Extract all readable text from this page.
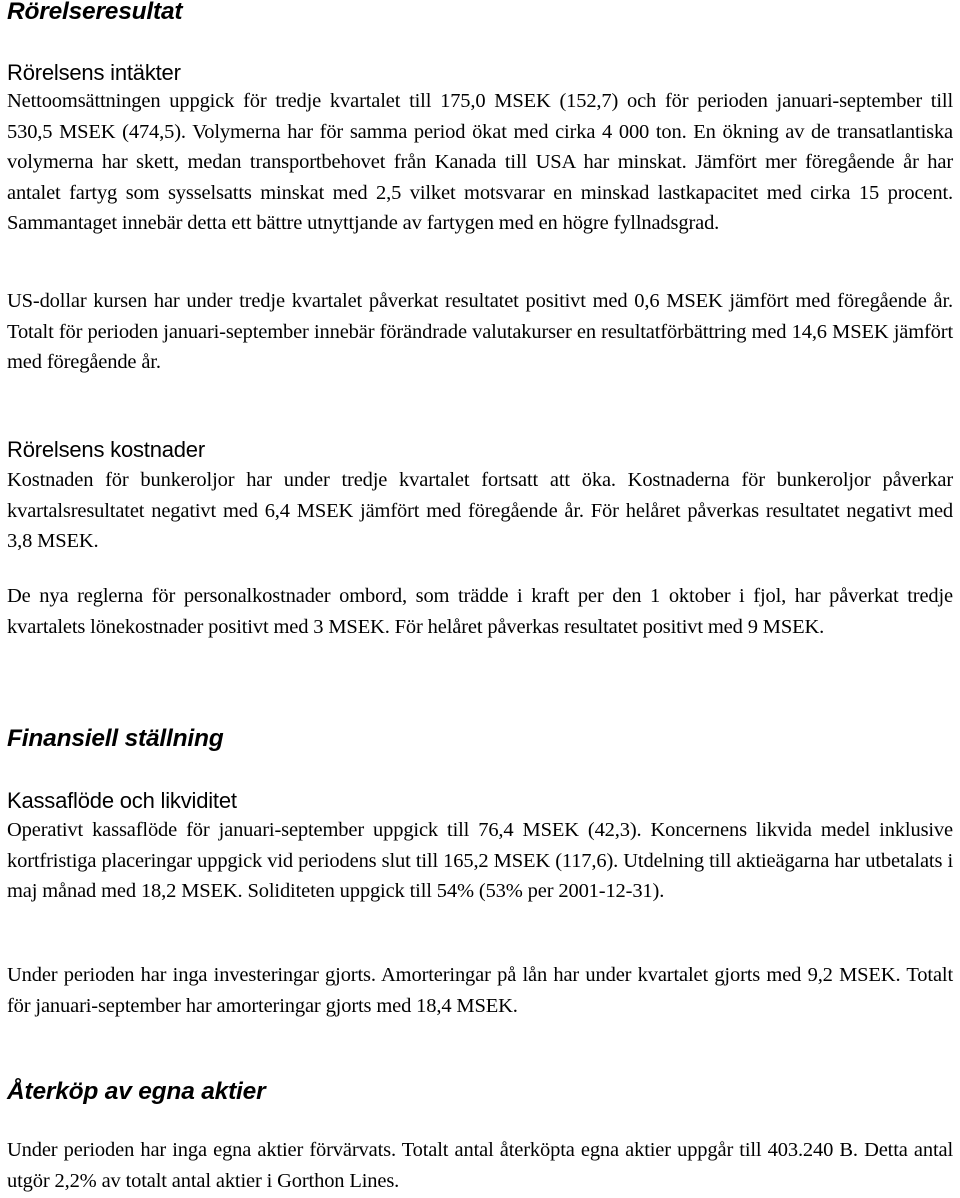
Rörelseresultat
Rörelsens intäkter

Nettoomsättningen uppgick för tredje kvartalet till 175,0 MSEK (152,7) och för perioden januari-september till 530,5 MSEK (474,5). Volymerna har för samma period ökat med cirka 4 000 ton. En ökning av de transatlantiska volymerna har skett, medan transportbehovet från Kanada till USA har minskat. Jämfört mer föregående år har antalet fartyg som sysselsatts minskat med 2,5 vilket motsvarar en minskad lastkapacitet med cirka 15 procent. Sammantaget innebär detta ett bättre utnyttjande av fartygen med en högre fyllnadsgrad.

US-dollar kursen har under tredje kvartalet påverkat resultatet positivt med 0,6 MSEK jämfört med föregående år. Totalt för perioden januari-september innebär förändrade valutakurser en resultatförbättring med 14,6 MSEK jämfört med föregående år.

Rörelsens kostnader

Kostnaden för bunkeroljor har under tredje kvartalet fortsatt att öka. Kostnaderna för bunkeroljor påverkar kvartalsresultatet negativt med 6,4 MSEK jämfört med föregående år. För helåret påverkas resultatet negativt med 3,8 MSEK.

De nya reglerna för personalkostnader ombord, som trädde i kraft per den 1 oktober i fjol, har påverkat tredje kvartalets lönekostnader positivt med 3 MSEK. För helåret påverkas resultatet positivt med 9 MSEK.

Finansiell ställning
Kassaflöde och likviditet

Operativt kassaflöde för januari-september uppgick till 76,4 MSEK (42,3). Koncernens likvida medel inklusive kortfristiga placeringar uppgick vid periodens slut till 165,2 MSEK (117,6). Utdelning till aktieägarna har utbetalats i maj månad med 18,2 MSEK. Soliditeten uppgick till 54% (53% per 2001-12-31).

Under perioden har inga investeringar gjorts. Amorteringar på lån har under kvartalet gjorts med 9,2 MSEK. Totalt för januari-september har amorteringar gjorts med 18,4 MSEK.

Återköp av egna aktier

Under perioden har inga egna aktier förvärvats. Totalt antal återköpta egna aktier uppgår till 403.240 B. Detta antal utgör 2,2% av totalt antal aktier i Gorthon Lines.
